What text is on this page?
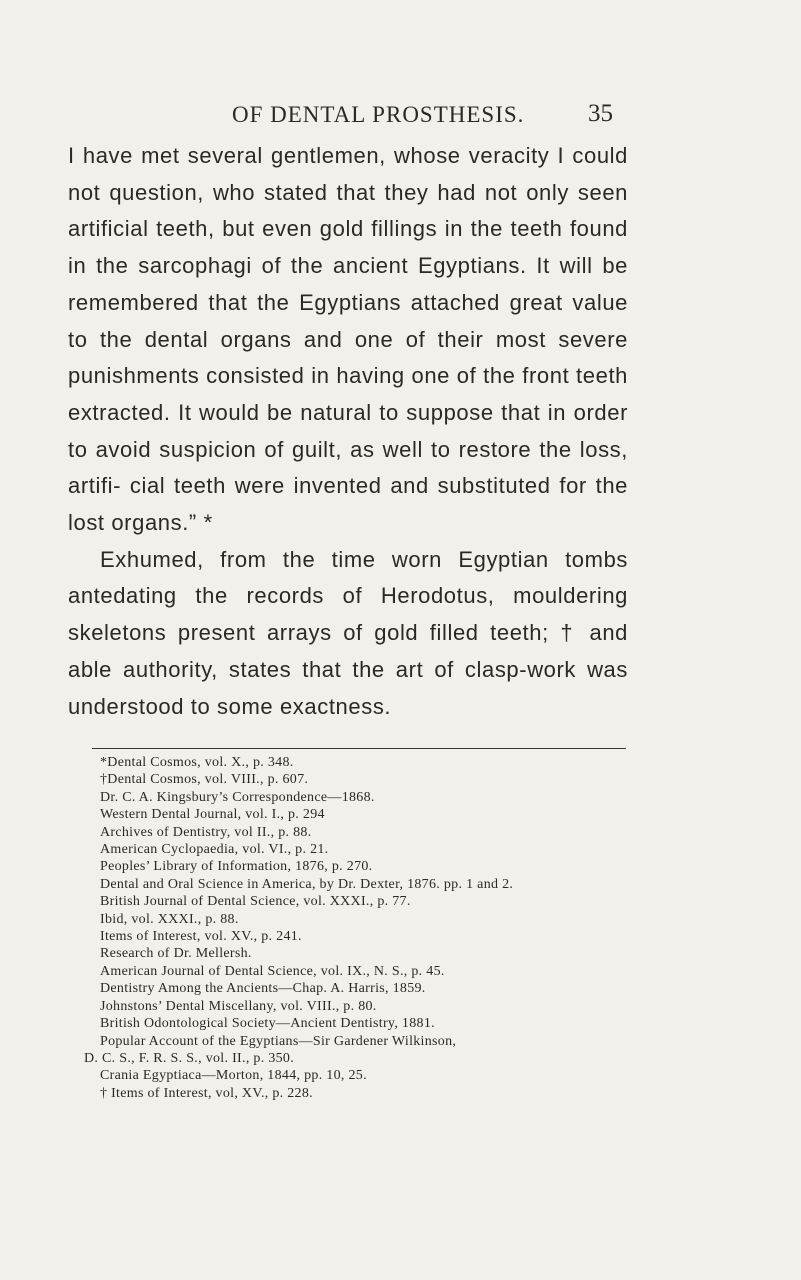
OF DENTAL PROSTHESIS.	35

I have met several gentlemen, whose veracity I could not question, who stated that they had not only seen artificial teeth, but even gold fillings in the teeth found in the sarcophagi of the ancient Egyptians. It will be remembered that the Egyptians attached great value to the dental organs and one of their most severe punishments consisted in having one of the front teeth extracted. It would be natural to suppose that in order to avoid suspicion of guilt, as well to restore the loss, artifi- cial teeth were invented and substituted for the lost organs.” *

Exhumed, from the time worn Egyptian tombs antedating the records of Herodotus, mouldering skeletons present arrays of gold filled teeth; † and able authority, states that the art of clasp-work was understood to some exactness.

*Dental Cosmos, vol. X., p. 348.

†Dental Cosmos, vol. VIII., p. 607.

Dr. C. A. Kingsbury’s Correspondence—1868.

Western Dental Journal, vol. I., p. 294

Archives of Dentistry, vol II., p. 88.

American Cyclopaedia, vol. VI., p. 21.

Peoples’ Library of Information, 1876, p. 270.

Dental and Oral Science in America, by Dr. Dexter, 1876. pp. 1 and 2.

British Journal of Dental Science, vol. XXXI., p. 77.

Ibid, vol. XXXI., p. 88.

Items of Interest, vol. XV., p. 241.

Research of Dr. Mellersh.

American Journal of Dental Science, vol. IX., N. S., p. 45.

Dentistry Among the Ancients—Chap. A. Harris, 1859.

Johnstons’ Dental Miscellany, vol. VIII., p. 80.

British Odontological Society—Ancient Dentistry, 1881.

Popular Account of the Egyptians—Sir Gardener Wilkinson,

D. C. S., F. R. S. S., vol. II., p. 350.

Crania Egyptiaca—Morton, 1844, pp. 10, 25.

† Items of Interest, vol, XV., p. 228.
